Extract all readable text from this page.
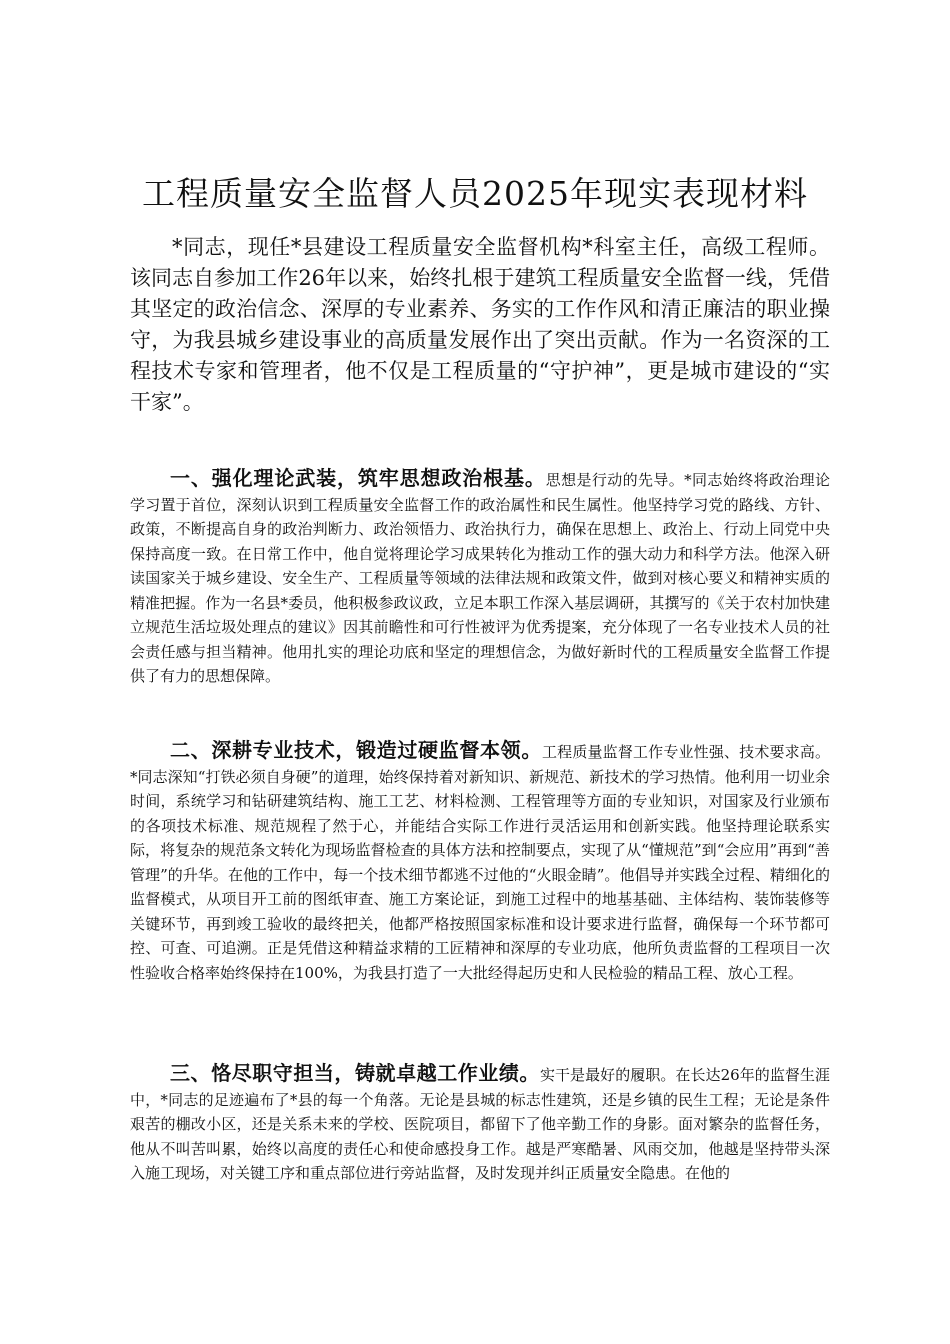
工程质量安全监督人员2025年现实表现材料

*同志，现任*县建设工程质量安全监督机构*科室主任，高级工程师。该同志自参加工作26年以来，始终扎根于建筑工程质量安全监督一线，凭借其坚定的政治信念、深厚的专业素养、务实的工作作风和清正廉洁的职业操守，为我县城乡建设事业的高质量发展作出了突出贡献。作为一名资深的工程技术专家和管理者，他不仅是工程质量的“守护神”，更是城市建设的“实干家”。

一、强化理论武装，筑牢思想政治根基。思想是行动的先导。*同志始终将政治理论学习置于首位，深刻认识到工程质量安全监督工作的政治属性和民生属性。他坚持学习党的路线、方针、政策，不断提高自身的政治判断力、政治领悟力、政治执行力，确保在思想上、政治上、行动上同党中央保持高度一致。在日常工作中，他自觉将理论学习成果转化为推动工作的强大动力和科学方法。他深入研读国家关于城乡建设、安全生产、工程质量等领域的法律法规和政策文件，做到对核心要义和精神实质的精准把握。作为一名县*委员，他积极参政议政，立足本职工作深入基层调研，其撰写的《关于农村加快建立规范生活垃圾处理点的建议》因其前瞻性和可行性被评为优秀提案，充分体现了一名专业技术人员的社会责任感与担当精神。他用扎实的理论功底和坚定的理想信念，为做好新时代的工程质量安全监督工作提供了有力的思想保障。

二、深耕专业技术，锻造过硬监督本领。工程质量监督工作专业性强、技术要求高。*同志深知“打铁必须自身硬”的道理，始终保持着对新知识、新规范、新技术的学习热情。他利用一切业余时间，系统学习和钻研建筑结构、施工工艺、材料检测、工程管理等方面的专业知识，对国家及行业颁布的各项技术标准、规范规程了然于心，并能结合实际工作进行灵活运用和创新实践。他坚持理论联系实际，将复杂的规范条文转化为现场监督检查的具体方法和控制要点，实现了从“懂规范”到“会应用”再到“善管理”的升华。在他的工作中，每一个技术细节都逃不过他的“火眼金睛”。他倡导并实践全过程、精细化的监督模式，从项目开工前的图纸审查、施工方案论证，到施工过程中的地基基础、主体结构、装饰装修等关键环节，再到竣工验收的最终把关，他都严格按照国家标准和设计要求进行监督，确保每一个环节都可控、可查、可追溯。正是凭借这种精益求精的工匠精神和深厚的专业功底，他所负责监督的工程项目一次性验收合格率始终保持在100%，为我县打造了一大批经得起历史和人民检验的精品工程、放心工程。

三、恪尽职守担当，铸就卓越工作业绩。实干是最好的履职。在长达26年的监督生涯中，*同志的足迹遍布了*县的每一个角落。无论是县城的标志性建筑，还是乡镇的民生工程；无论是条件艰苦的棚改小区，还是关系未来的学校、医院项目，都留下了他辛勤工作的身影。面对繁杂的监督任务，他从不叫苦叫累，始终以高度的责任心和使命感投身工作。越是严寒酷暑、风雨交加，他越是坚持带头深入施工现场，对关键工序和重点部位进行旁站监督，及时发现并纠正质量安全隐患。在他的
